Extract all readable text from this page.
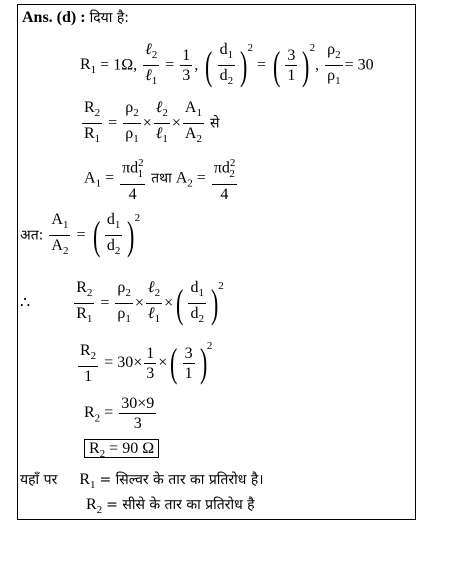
Ans. (d) : दिया है:
$R_1 = 1\Omega$, $\frac{\ell_2}{\ell_1} = \frac{1}{3}$ , ( $\frac{d_1}{d_2}$ ) $^2$ = ( $\frac{3}{1}$ ) $^2$, $\frac{\rho_2}{\rho_1} = 30$
$\frac{R_2}{R_1} = \frac{\rho_2}{\rho_1} \times \frac{\ell_2}{\ell_1} \times \frac{A_1}{A_2}$ से
$A_1 = \frac{\pi d^2_1}{4}$ तथा $A_2 = \frac{\pi d^2_2}{4}$
अत: $\frac{A_1}{A_2}$ = ( $\frac{d_1}{d_2}$ ) $^2$
∴	$\frac{R_2}{R_1} = \frac{\rho_2}{\rho_1} \times \frac{\ell_2}{\ell_1}$ × ( $\frac{d_1}{d_2}$ ) $^2$
$\frac{R_2}{1} = 30\times \frac{1}{3}$ × ( $\frac{3}{1}$ ) $^2$
$R_2 = \frac{30\times 9}{3}$
$R_2 = 90$ Ω
यहाँ पर  $R_1$ = सिल्वर के तार का प्रतिरोध है।
$R_2$ = सीसे के तार का प्रतिरोध है
